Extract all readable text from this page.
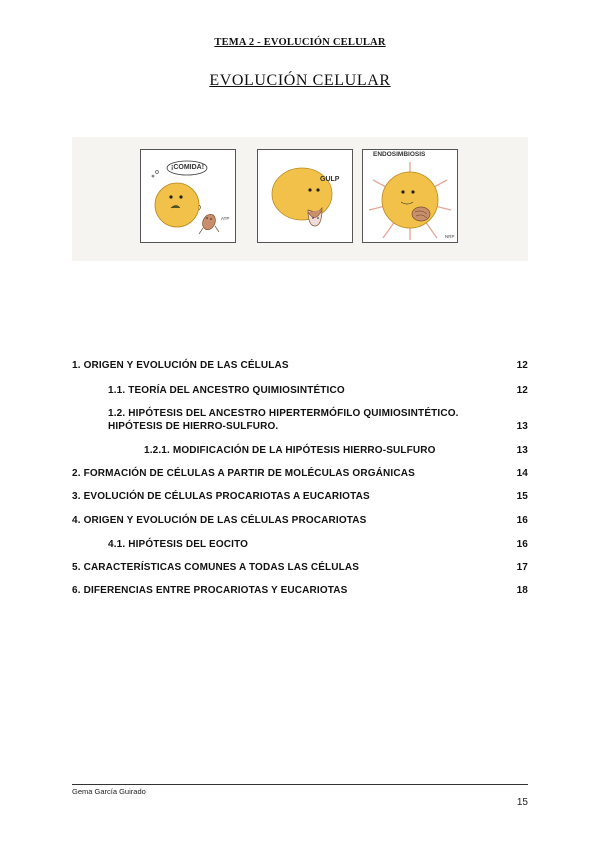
TEMA 2 - EVOLUCIÓN CELULAR
EVOLUCIÓN CELULAR
¡COMIDA!
ATP
GULP
ENDOSIMBIOSIS
NRP
1. ORIGEN Y EVOLUCIÓN DE LAS CÉLULAS	12
1.1. TEORÍA DEL ANCESTRO QUIMIOSINTÉTICO	12
1.2. HIPÓTESIS DEL ANCESTRO HIPERTERMÓFILO QUIMIOSINTÉTICO.
HIPÓTESIS DE HIERRO-SULFURO.	13
1.2.1. MODIFICACIÓN DE LA HIPÓTESIS HIERRO-SULFURO	13
2. FORMACIÓN DE CÉLULAS A PARTIR DE MOLÉCULAS ORGÁNICAS	14
3. EVOLUCIÓN DE CÉLULAS PROCARIOTAS A EUCARIOTAS	15
4. ORIGEN Y EVOLUCIÓN DE LAS CÉLULAS PROCARIOTAS	16
4.1. HIPÓTESIS DEL EOCITO	16
5. CARACTERÍSTICAS COMUNES A TODAS LAS CÉLULAS	17
6. DIFERENCIAS ENTRE PROCARIOTAS Y EUCARIOTAS	18
Gema García Guirado
15
